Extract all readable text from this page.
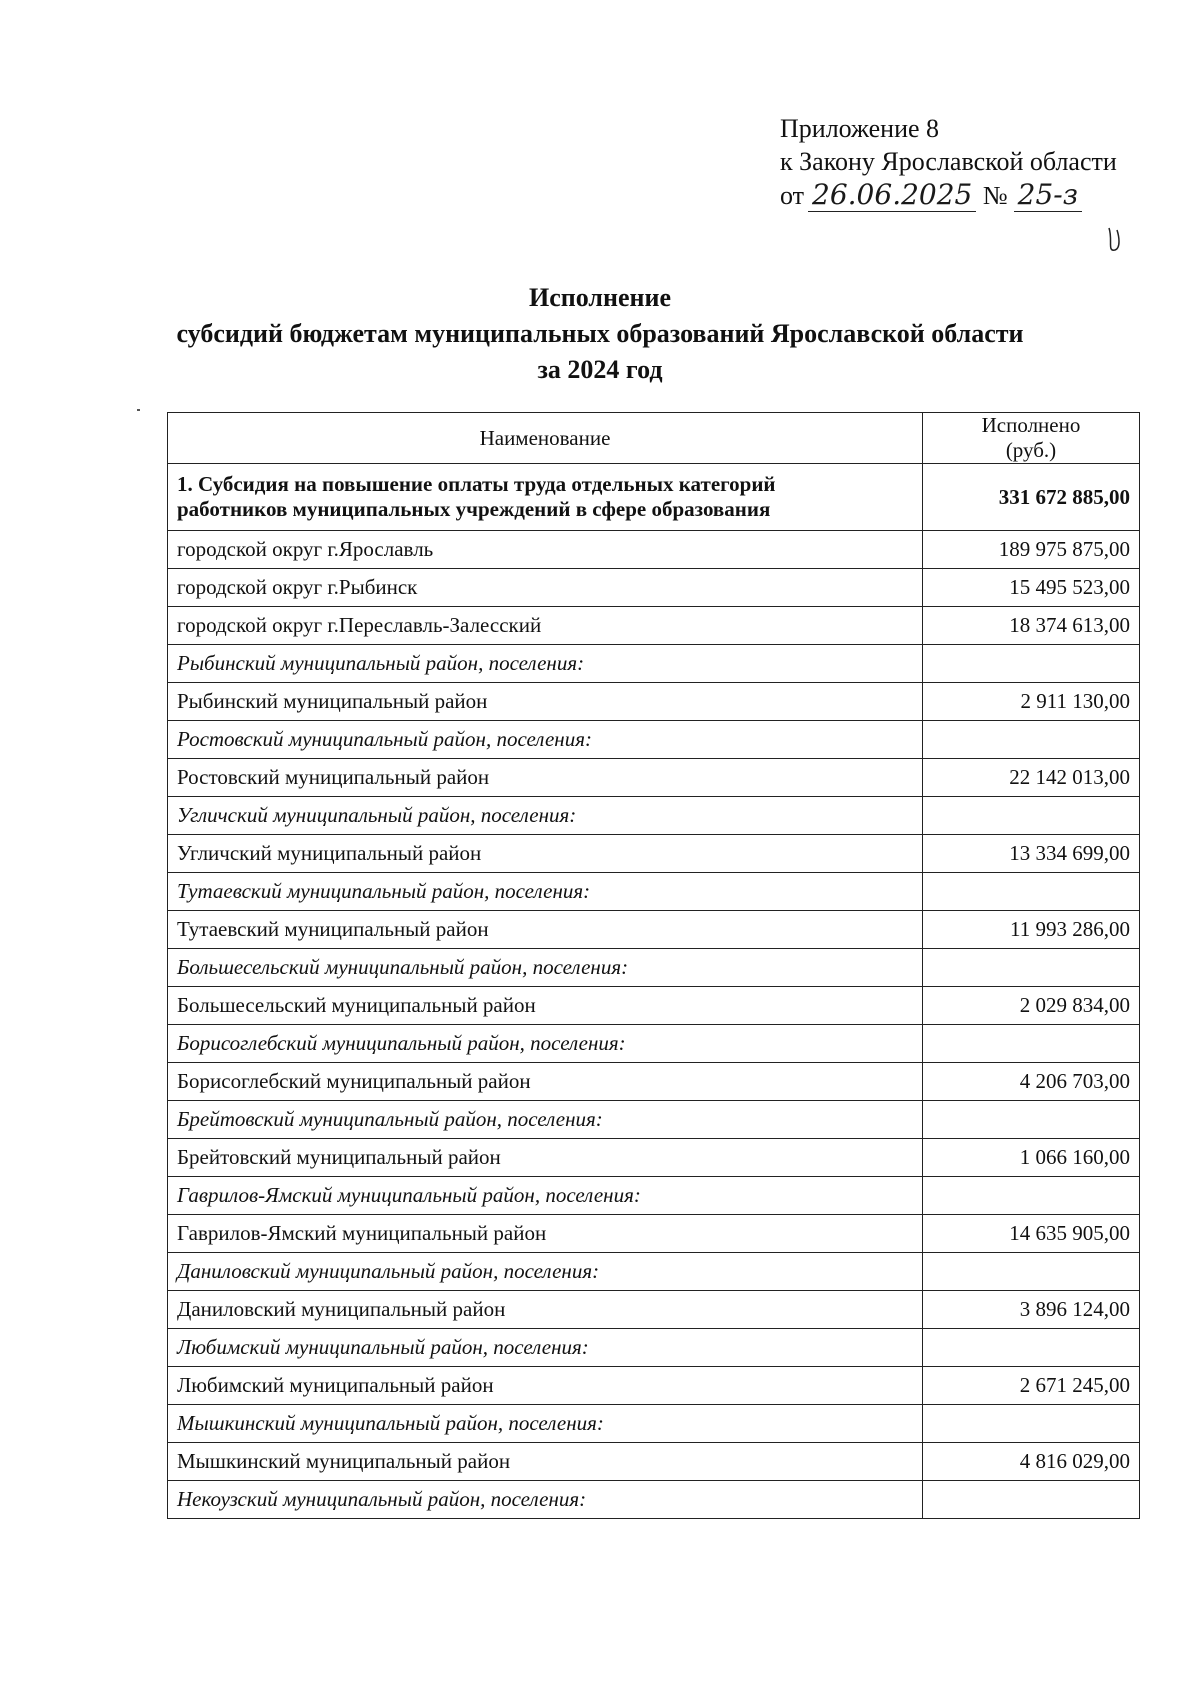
Приложение 8
к Закону Ярославской области
от 26.06.2025 № 25-з
Исполнение
субсидий бюджетам муниципальных образований Ярославской области
за 2024 год
Наименование	Исполнено
(руб.)
1. Субсидия на повышение оплаты труда отдельных категорий
работников муниципальных учреждений в сфере образования	331 672 885,00
городской округ г.Ярославль	189 975 875,00
городской округ г.Рыбинск	15 495 523,00
городской округ г.Переславль-Залесский	18 374 613,00
Рыбинский муниципальный район, поселения:	
Рыбинский муниципальный район	2 911 130,00
Ростовский муниципальный район, поселения:	
Ростовский муниципальный район	22 142 013,00
Угличский муниципальный район, поселения:	
Угличский муниципальный район	13 334 699,00
Тутаевский муниципальный район, поселения:	
Тутаевский муниципальный район	11 993 286,00
Большесельский муниципальный район, поселения:	
Большесельский муниципальный район	2 029 834,00
Борисоглебский муниципальный район, поселения:	
Борисоглебский муниципальный район	4 206 703,00
Брейтовский муниципальный район, поселения:	
Брейтовский муниципальный район	1 066 160,00
Гаврилов-Ямский муниципальный район, поселения:	
Гаврилов-Ямский муниципальный район	14 635 905,00
Даниловский муниципальный район, поселения:	
Даниловский муниципальный район	3 896 124,00
Любимский муниципальный район, поселения:	
Любимский муниципальный район	2 671 245,00
Мышкинский муниципальный район, поселения:	
Мышкинский муниципальный район	4 816 029,00
Некоузский муниципальный район, поселения:	
